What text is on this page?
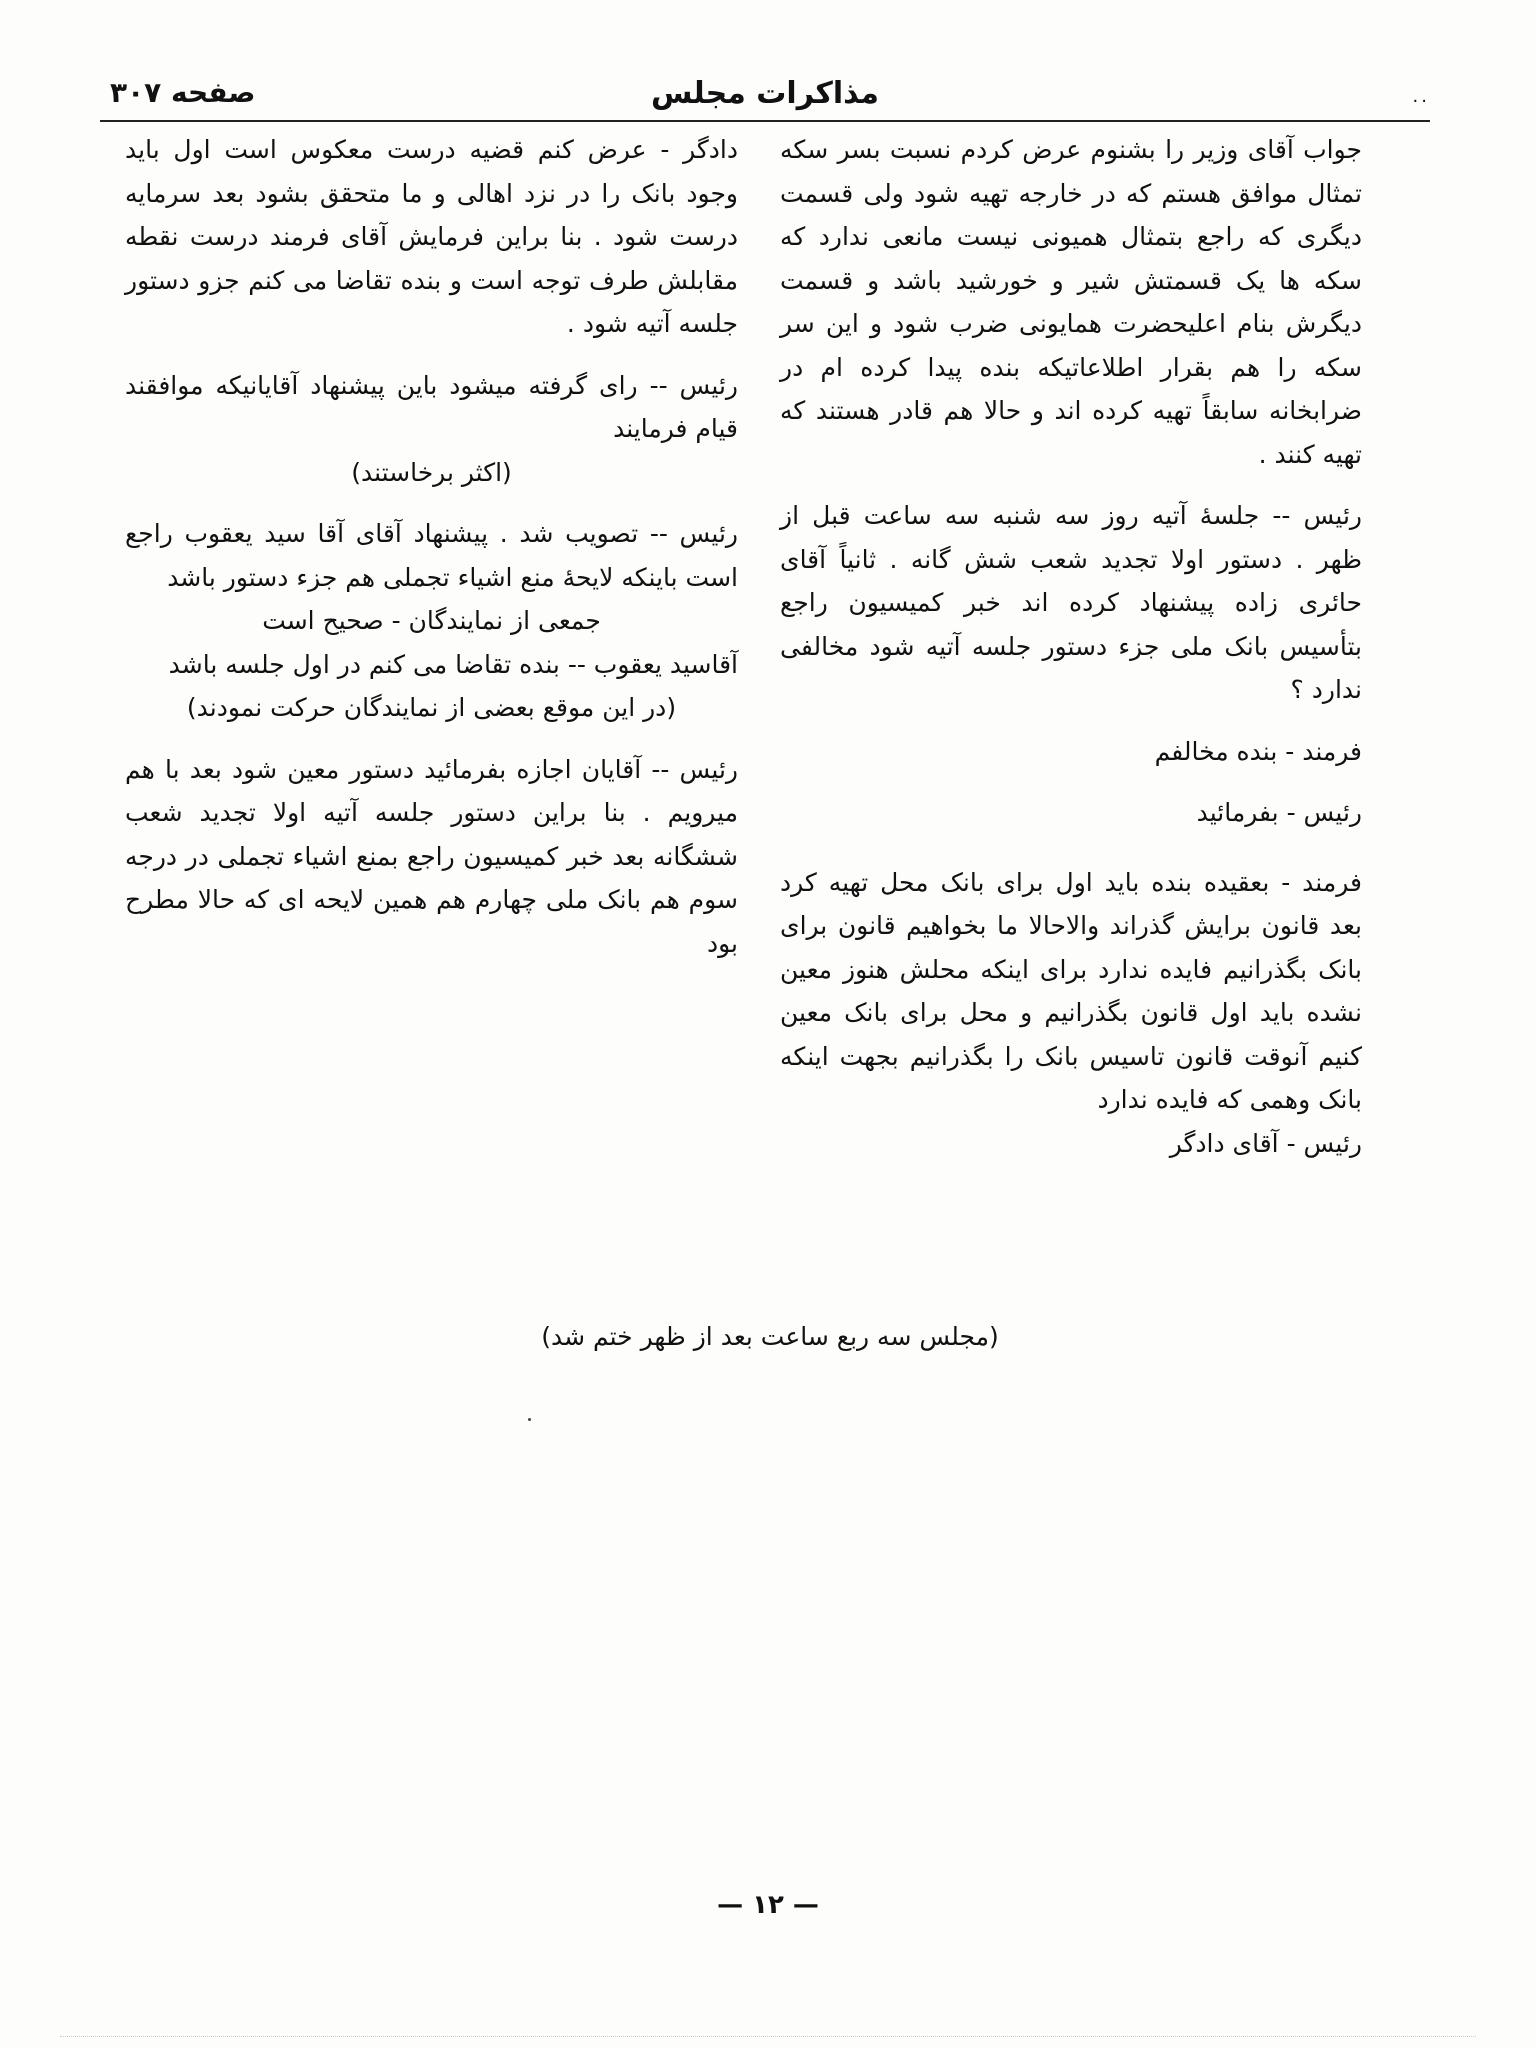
مذاکرات مجلس
صفحه ۳۰۷	..

جواب آقای وزیر را بشنوم عرض کردم نسبت بسر سکه تمثال موافق هستم که در خارجه تهیه شود ولی قسمت دیگری که راجع بتمثال همیونی نیست مانعی ندارد که سکه ها یک قسمتش شیر و خورشید باشد و قسمت دیگرش بنام اعلیحضرت همایونی ضرب شود و این سر سکه را هم بقرار اطلاعاتیکه بنده پیدا کرده ام در ضرابخانه سابقاً تهیه کرده اند و حالا هم قادر هستند که تهیه کنند .

رئیس -- جلسهٔ آتیه روز سه شنبه سه ساعت قبل از ظهر . دستور اولا تجدید شعب شش گانه . ثانیاً آقای حائری زاده پیشنهاد کرده اند خبر کمیسیون راجع بتأسیس بانک ملی جزء دستور جلسه آتیه شود مخالفی ندارد ؟

فرمند - بنده مخالفم

رئیس - بفرمائید

فرمند - بعقیده بنده باید اول برای بانک محل تهیه کرد بعد قانون برایش گذراند والاحالا ما بخواهیم قانون برای بانک بگذرانیم فایده ندارد برای اینکه محلش هنوز معین نشده باید اول قانون بگذرانیم و محل برای بانک معین کنیم آنوقت قانون تاسیس بانک را بگذرانیم بجهت اینکه بانک وهمی که فایده ندارد

رئیس - آقای دادگر

دادگر - عرض کنم قضیه درست معکوس است اول باید وجود بانک را در نزد اهالی و ما متحقق بشود بعد سرمایه درست شود . بنا براین فرمایش آقای فرمند درست نقطه مقابلش طرف توجه است و بنده تقاضا می کنم جزو دستور جلسه آتیه شود .

رئیس -- رای گرفته میشود باین پیشنهاد آقایانیکه موافقند قیام فرمایند

(اکثر برخاستند)

رئیس -- تصویب شد . پیشنهاد آقای آقا سید یعقوب راجع است باینکه لایحهٔ منع اشیاء تجملی هم جزء دستور باشد

جمعی از نمایندگان - صحیح است

آقاسید یعقوب -- بنده تقاضا می کنم در اول جلسه باشد

(در این موقع بعضی از نمایندگان حرکت نمودند)

رئیس -- آقایان اجازه بفرمائید دستور معین شود بعد با هم میرویم . بنا براین دستور جلسه آتیه اولا تجدید شعب ششگانه بعد خبر کمیسیون راجع بمنع اشیاء تجملی در درجه سوم هم بانک ملی چهارم هم همین لایحه ای که حالا مطرح بود

(مجلس سه ربع ساعت بعد از ظهر ختم شد)
— ۱۲ —
